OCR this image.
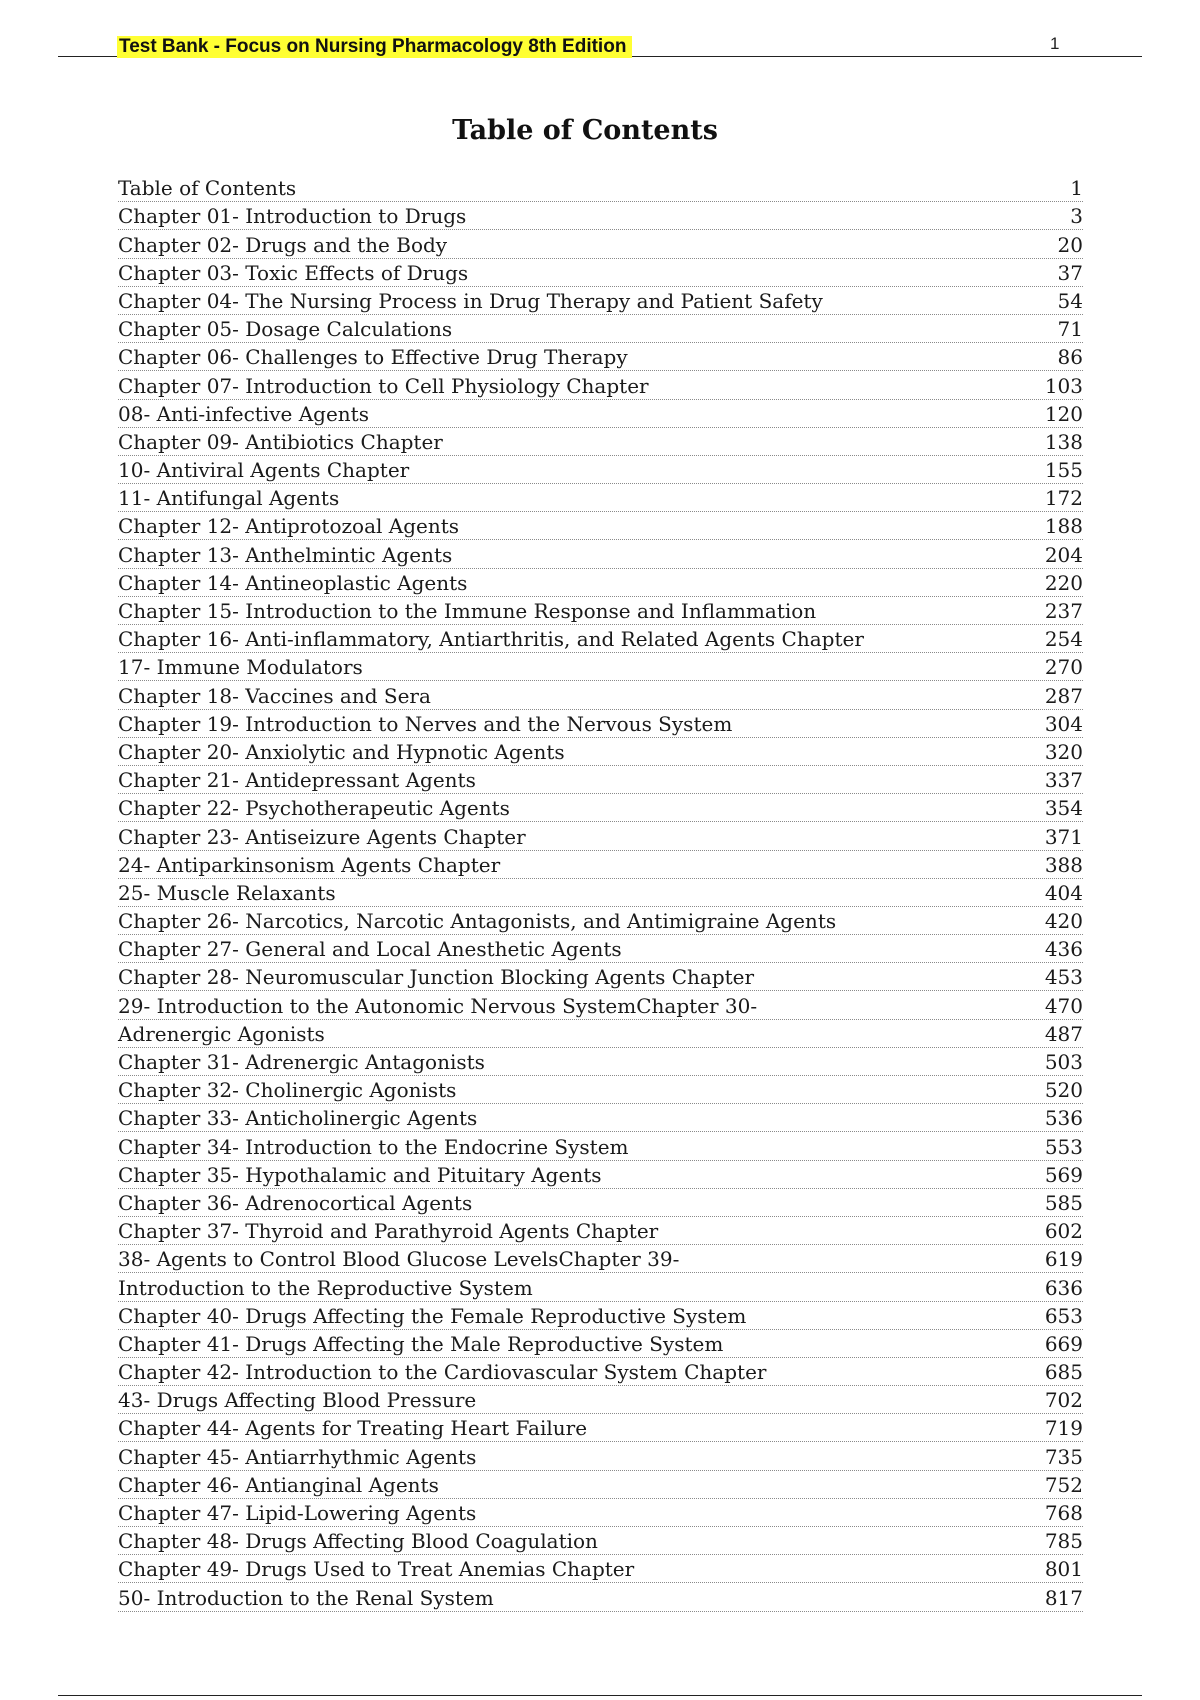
Test Bank - Focus on Nursing Pharmacology 8th Edition	1
Table of Contents
Table of Contents	1
Chapter 01- Introduction to Drugs	3
Chapter 02- Drugs and the Body	20
Chapter 03- Toxic Effects of Drugs	37
Chapter 04- The Nursing Process in Drug Therapy and Patient Safety	54
Chapter 05- Dosage Calculations	71
Chapter 06- Challenges to Effective Drug Therapy	86
Chapter 07- Introduction to Cell Physiology Chapter	103
08- Anti-infective Agents	120
Chapter 09- Antibiotics Chapter	138
10- Antiviral Agents Chapter	155
11- Antifungal Agents	172
Chapter 12- Antiprotozoal Agents	188
Chapter 13- Anthelmintic Agents	204
Chapter 14- Antineoplastic Agents	220
Chapter 15- Introduction to the Immune Response and Inflammation	237
Chapter 16- Anti-inflammatory, Antiarthritis, and Related Agents Chapter	254
17- Immune Modulators	270
Chapter 18- Vaccines and Sera	287
Chapter 19- Introduction to Nerves and the Nervous System	304
Chapter 20- Anxiolytic and Hypnotic Agents	320
Chapter 21- Antidepressant Agents	337
Chapter 22- Psychotherapeutic Agents	354
Chapter 23- Antiseizure Agents Chapter	371
24- Antiparkinsonism Agents Chapter	388
25- Muscle Relaxants	404
Chapter 26- Narcotics, Narcotic Antagonists, and Antimigraine Agents	420
Chapter 27- General and Local Anesthetic Agents	436
Chapter 28- Neuromuscular Junction Blocking Agents Chapter	453
29- Introduction to the Autonomic Nervous SystemChapter 30-	470
Adrenergic Agonists	487
Chapter 31- Adrenergic Antagonists	503
Chapter 32- Cholinergic Agonists	520
Chapter 33- Anticholinergic Agents	536
Chapter 34- Introduction to the Endocrine System	553
Chapter 35- Hypothalamic and Pituitary Agents	569
Chapter 36- Adrenocortical Agents	585
Chapter 37- Thyroid and Parathyroid Agents Chapter	602
38- Agents to Control Blood Glucose LevelsChapter 39-	619
Introduction to the Reproductive System	636
Chapter 40- Drugs Affecting the Female Reproductive System	653
Chapter 41- Drugs Affecting the Male Reproductive System	669
Chapter 42- Introduction to the Cardiovascular System Chapter	685
43- Drugs Affecting Blood Pressure	702
Chapter 44- Agents for Treating Heart Failure	719
Chapter 45- Antiarrhythmic Agents	735
Chapter 46- Antianginal Agents	752
Chapter 47- Lipid-Lowering Agents	768
Chapter 48- Drugs Affecting Blood Coagulation	785
Chapter 49- Drugs Used to Treat Anemias Chapter	801
50- Introduction to the Renal System	817
